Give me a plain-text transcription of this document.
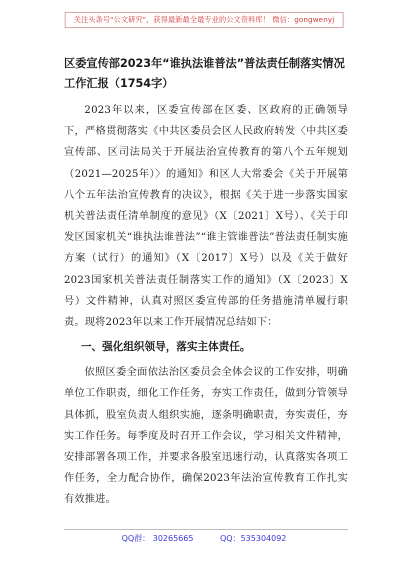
关注头条号"公文研究"，获得最新最全最专业的公文资料库！ 微信：gongwenyj
区委宣传部2023年“谁执法谁普法”普法责任制落实情况
工作汇报（1754字）

2023年以来，区委宣传部在区委、区政府的正确领导下，严格贯彻落实《中共区委员会区人民政府转发〈中共区委宣传部、区司法局关于开展法治宣传教育的第八个五年规划（2021—2025年）〉的通知》和区人大常委会《关于开展第八个五年法治宣传教育的决议》，根据《关于进一步落实国家机关普法责任清单制度的意见》（X〔2021〕X号）、《关于印发区国家机关“谁执法谁普法”“谁主管谁普法”普法责任制实施方案（试行）的通知》（X〔2017〕X号）以及《关于做好2023国家机关普法责任制落实工作的通知》（X〔2023〕X号）文件精神，认真对照区委宣传部的任务措施清单履行职责。现将2023年以来工作开展情况总结如下：

一、强化组织领导，落实主体责任。

依照区委全面依法治区委员会全体会议的工作安排，明确单位工作职责，细化工作任务，夯实工作责任，做到分管领导具体抓，股室负责人组织实施，逐条明确职责，夯实责任，夯实工作任务。每季度及时召开工作会议，学习相关文件精神，安排部署各项工作，并要求各股室迅速行动，认真落实各项工作任务，全力配合协作，确保2023年法治宣传教育工作扎实有效推进。

QQ群： 30265665	QQ：535304092
